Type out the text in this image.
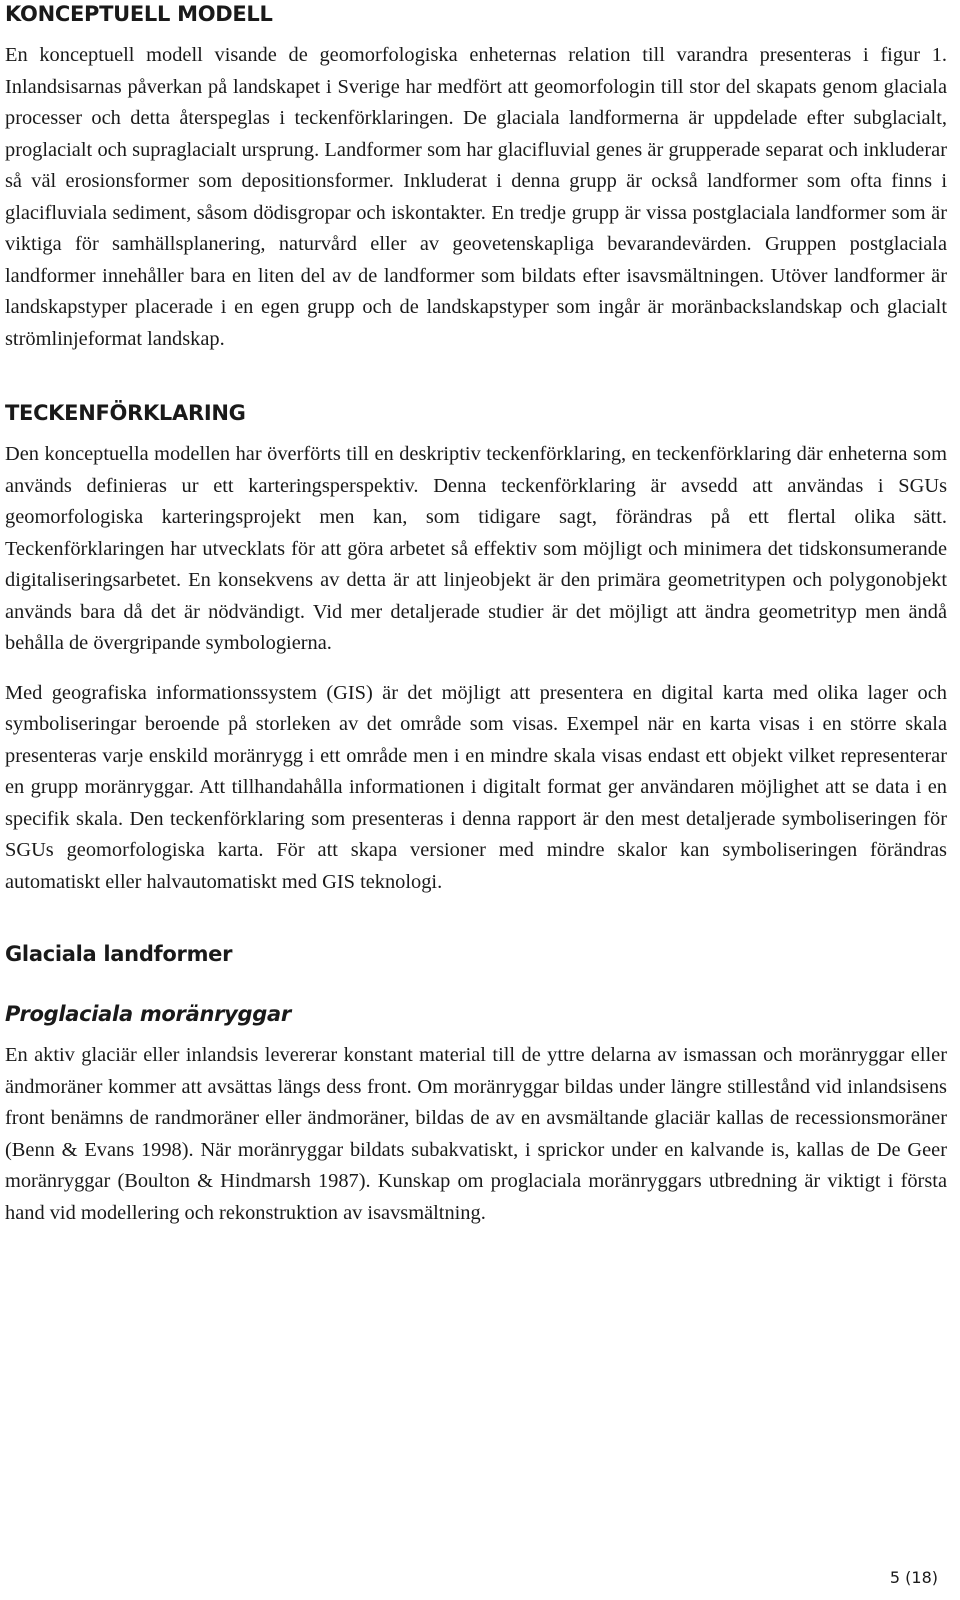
KONCEPTUELL MODELL

En konceptuell modell visande de geomorfologiska enheternas relation till varandra presenteras i figur 1. Inlandsisarnas påverkan på landskapet i Sverige har medfört att geomorfologin till stor del skapats genom glaciala processer och detta återspeglas i teckenförklaringen. De glaciala landformerna är uppdelade efter subglacialt, proglacialt och supraglacialt ursprung. Landformer som har glacifluvial genes är grupperade separat och inkluderar så väl erosionsformer som depositionsformer. Inkluderat i denna grupp är också landformer som ofta finns i glacifluviala sediment, såsom dödisgropar och iskontakter. En tredje grupp är vissa postglaciala landformer som är viktiga för samhällsplanering, naturvård eller av geovetenskapliga bevarandevärden. Gruppen postglaciala landformer innehåller bara en liten del av de landformer som bildats efter isavsmältningen. Utöver landformer är landskapstyper placerade i en egen grupp och de landskapstyper som ingår är moränbackslandskap och glacialt strömlinjeformat landskap.

TECKENFÖRKLARING

Den konceptuella modellen har överförts till en deskriptiv teckenförklaring, en teckenförklaring där enheterna som används definieras ur ett karteringsperspektiv. Denna teckenförklaring är avsedd att användas i SGUs geomorfologiska karteringsprojekt men kan, som tidigare sagt, förändras på ett flertal olika sätt. Teckenförklaringen har utvecklats för att göra arbetet så effektiv som möjligt och minimera det tidskonsumerande digitaliseringsarbetet. En konsekvens av detta är att linjeobjekt är den primära geometritypen och polygonobjekt används bara då det är nödvändigt. Vid mer detaljerade studier är det möjligt att ändra geometrityp men ändå behålla de övergripande symbologierna.

Med geografiska informationssystem (GIS) är det möjligt att presentera en digital karta med olika lager och symboliseringar beroende på storleken av det område som visas. Exempel när en karta visas i en större skala presenteras varje enskild moränrygg i ett område men i en mindre skala visas endast ett objekt vilket representerar en grupp moränryggar. Att tillhandahålla informationen i digitalt format ger användaren möjlighet att se data i en specifik skala. Den teckenförklaring som presenteras i denna rapport är den mest detaljerade symboliseringen för SGUs geomorfologiska karta. För att skapa versioner med mindre skalor kan symboliseringen förändras automatiskt eller halvautomatiskt med GIS teknologi.

Glaciala landformer
Proglaciala moränryggar

En aktiv glaciär eller inlandsis levererar konstant material till de yttre delarna av ismassan och moränryggar eller ändmoräner kommer att avsättas längs dess front. Om moränryggar bildas under längre stillestånd vid inlandsisens front benämns de randmoräner eller ändmoräner, bildas de av en avsmältande glaciär kallas de recessionsmoräner (Benn & Evans 1998). När moränryggar bildats subakvatiskt, i sprickor under en kalvande is, kallas de De Geer moränryggar (Boulton & Hindmarsh 1987). Kunskap om proglaciala moränryggars utbredning är viktigt i första hand vid modellering och rekonstruktion av isavsmältning.

5 (18)
